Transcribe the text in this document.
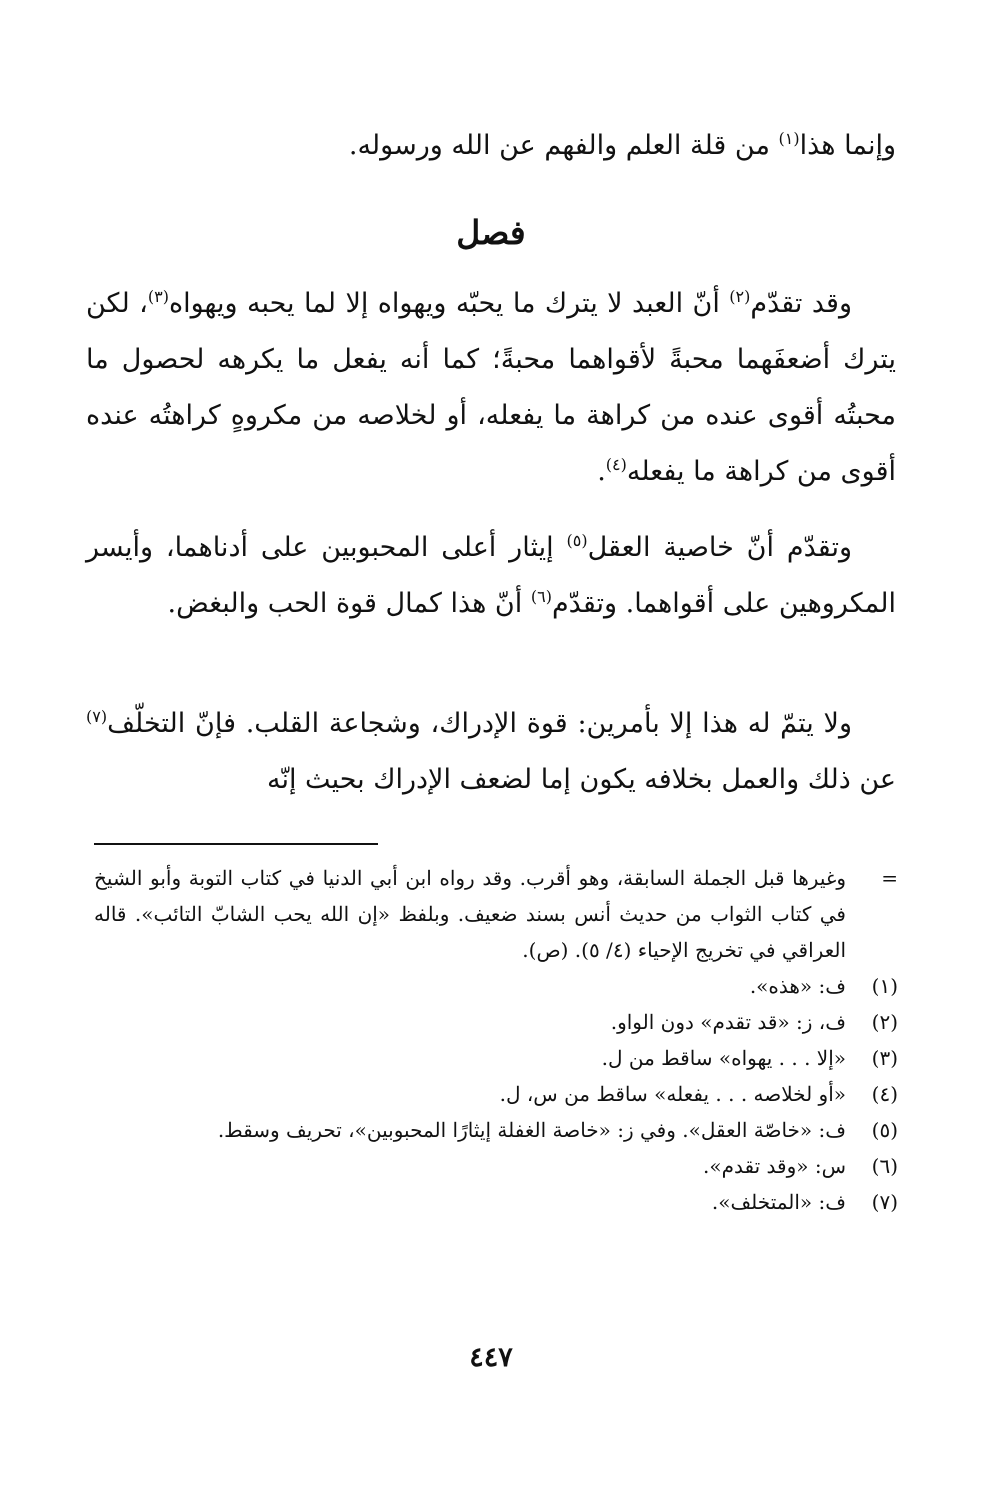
وإنما هذا$^{(١)}$ من قلة العلم والفهم عن الله ورسوله.

فصل

وقد تقدّم$^{(٢)}$ أنّ العبد لا يترك ما يحبّه ويهواه إلا لما يحبه ويهواه$^{(٣)}$، لكن يترك أضعفَهما محبةً لأقواهما محبةً؛ كما أنه يفعل ما يكرهه لحصول ما محبتُه أقوى عنده من كراهة ما يفعله، أو لخلاصه من مكروهٍ كراهتُه عنده أقوى من كراهة ما يفعله$^{(٤)}$.

وتقدّم أنّ خاصية العقل$^{(٥)}$ إيثار أعلى المحبوبين على أدناهما، وأيسر المكروهين على أقواهما. وتقدّم$^{(٦)}$ أنّ هذا كمال قوة الحب والبغض.

ولا يتمّ له هذا إلا بأمرين: قوة الإدراك، وشجاعة القلب. فإنّ التخلّف$^{(٧)}$ عن ذلك والعمل بخلافه يكون إما لضعف الإدراك بحيث إنّه

=
وغيرها قبل الجملة السابقة، وهو أقرب. وقد رواه ابن أبي الدنيا في كتاب التوبة وأبو الشيخ في كتاب الثواب من حديث أنس بسند ضعيف. وبلفظ «إن الله يحب الشابّ التائب». قاله العراقي في تخريج الإحياء (٤/ ٥). (ص).
(١)
ف: «هذه».
(٢)
ف، ز: «قد تقدم» دون الواو.
(٣)
«إلا . . . يهواه» ساقط من ل.
(٤)
«أو لخلاصه . . . يفعله» ساقط من س، ل.
(٥)
ف: «خاصّة العقل». وفي ز: «خاصة الغفلة إيثارًا المحبوبين»، تحريف وسقط.
(٦)
س: «وقد تقدم».
(٧)
ف: «المتخلف».
٤٤٧
